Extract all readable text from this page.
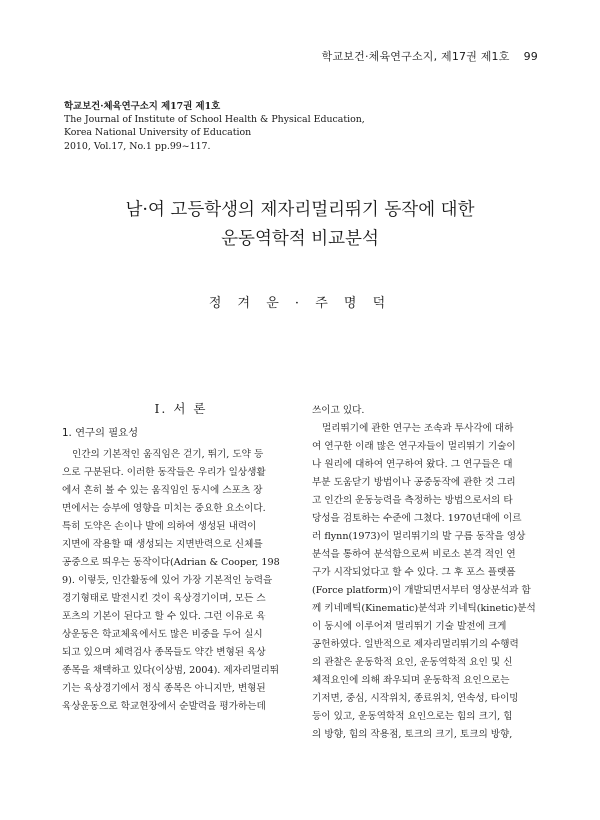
학교보건·체육연구소지, 제17권 제1호 99
학교보건·체육연구소지 제17권 제1호
The Journal of Institute of School Health & Physical Education,
Korea National University of Education
2010, Vol.17, No.1 pp.99~117.
남·여 고등학생의 제자리멀리뛰기 동작에 대한
운동역학적 비교분석
정 겨 운 · 주 명 덕
Ⅰ. 서 론
1. 연구의 필요성

인간의 기본적인 움직임은 걷기, 뛰기, 도약 등

으로 구분된다. 이러한 동작들은 우리가 일상생활

에서 흔히 볼 수 있는 움직임인 동시에 스포츠 장

면에서는 승부에 영향을 미치는 중요한 요소이다.

특히 도약은 손이나 발에 의하여 생성된 내력이

지면에 작용할 때 생성되는 지면반력으로 신체를

공중으로 띄우는 동작이다(Adrian & Cooper, 198

9). 이렇듯, 인간활동에 있어 가장 기본적인 능력을

경기형태로 발전시킨 것이 육상경기이며, 모든 스

포츠의 기본이 된다고 할 수 있다. 그런 이유로 육

상운동은 학교체육에서도 많은 비중을 두어 실시

되고 있으며 체력검사 종목들도 약간 변형된 육상

종목을 채택하고 있다(이상범, 2004). 제자리멀리뛰

기는 육상경기에서 정식 종목은 아니지만, 변형된

육상운동으로 학교현장에서 순발력을 평가하는데

쓰이고 있다.

멀리뛰기에 관한 연구는 조속과 투사각에 대하

여 연구한 이래 많은 연구자들이 멀리뛰기 기술이

나 원리에 대하여 연구하여 왔다. 그 연구들은 대

부분 도움닫기 방법이나 공중동작에 관한 것 그리

고 인간의 운동능력을 측정하는 방법으로서의 타

당성을 검토하는 수준에 그쳤다. 1970년대에 이르

러 flynn(1973)이 멀리뛰기의 발 구름 동작을 영상

분석을 통하여 분석함으로써 비로소 본격 적인 연

구가 시작되었다고 할 수 있다. 그 후 포스 플랫폼

(Force platform)이 개발되면서부터 영상분석과 함

께 키네메틱(Kinematic)분석과 키네틱(kinetic)분석

이 동시에 이루어져 멀리뛰기 기술 발전에 크게

공헌하였다. 일반적으로 제자리멀리뛰기의 수행력

의 관찰은 운동학적 요인, 운동역학적 요인 및 신

체적요인에 의해 좌우되며 운동학적 요인으로는

기저면, 중심, 시작위치, 종료위치, 연속성, 타이밍

등이 있고, 운동역학적 요인으로는 힘의 크기, 힘

의 방향, 힘의 작용점, 토크의 크기, 토크의 방향,
